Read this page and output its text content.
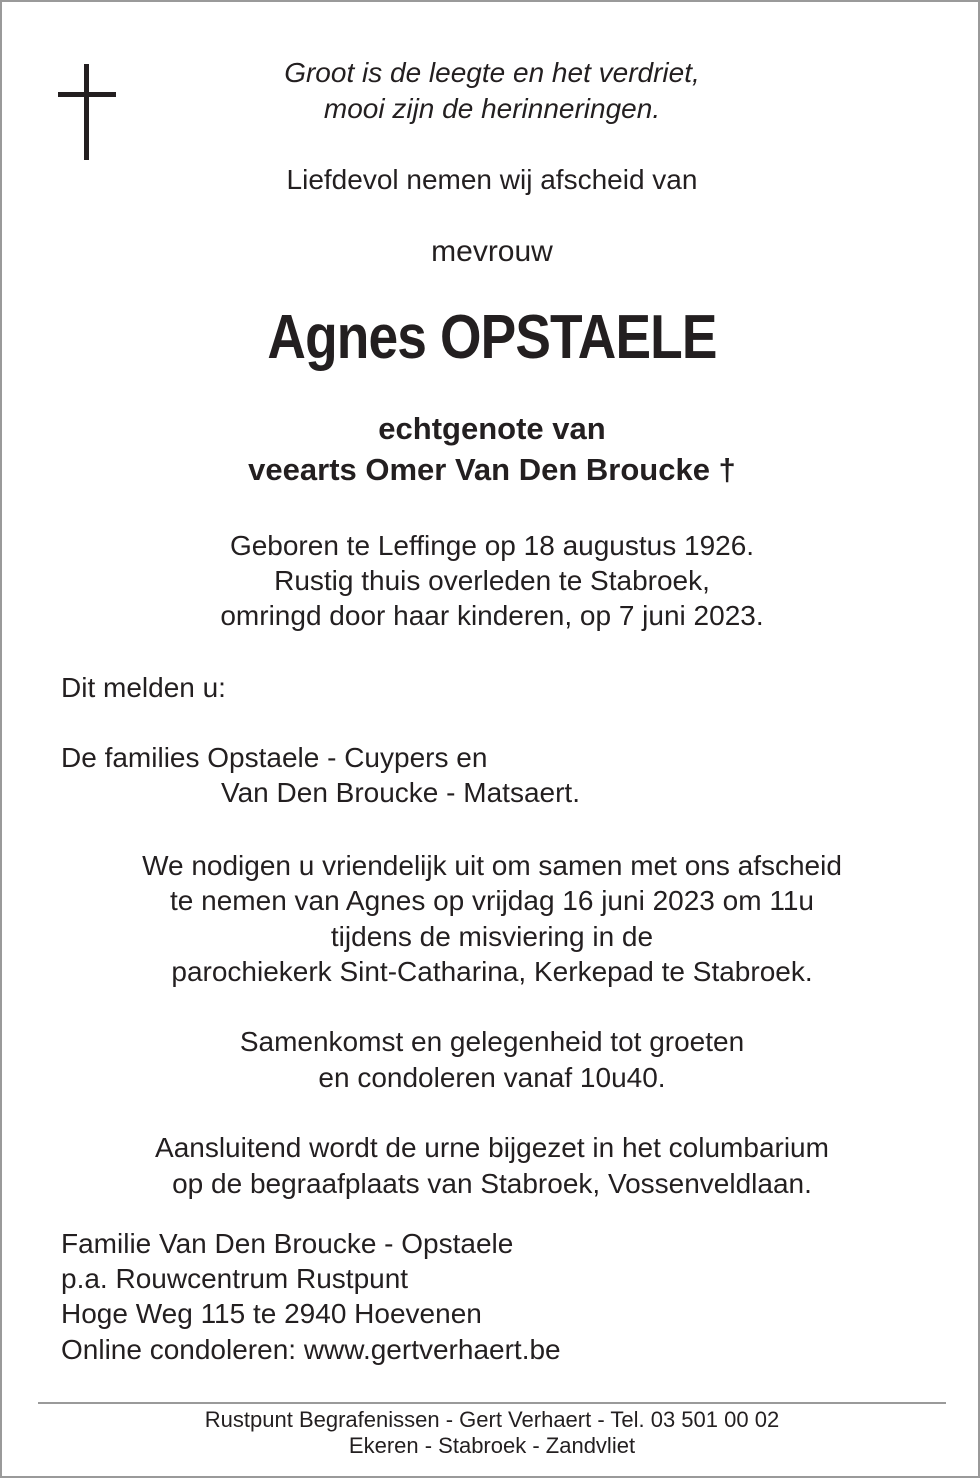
Groot is de leegte en het verdriet,
mooi zijn de herinneringen.
Liefdevol nemen wij afscheid van
mevrouw
Agnes OPSTAELE
echtgenote van
veearts Omer Van Den Broucke †
Geboren te Leffinge op 18 augustus 1926.
Rustig thuis overleden te Stabroek,
omringd door haar kinderen, op 7 juni 2023.
Dit melden u:
De families Opstaele - Cuypers en
Van Den Broucke - Matsaert.
We nodigen u vriendelijk uit om samen met ons afscheid
te nemen van Agnes op vrijdag 16 juni 2023 om 11u
tijdens de misviering in de
parochiekerk Sint-Catharina, Kerkepad te Stabroek.
Samenkomst en gelegenheid tot groeten
en condoleren vanaf 10u40.
Aansluitend wordt de urne bijgezet in het columbarium
op de begraafplaats van Stabroek, Vossenveldlaan.
Familie Van Den Broucke - Opstaele
p.a. Rouwcentrum Rustpunt
Hoge Weg 115 te 2940 Hoevenen
Online condoleren: www.gertverhaert.be
Rustpunt Begrafenissen - Gert Verhaert - Tel. 03 501 00 02
Ekeren - Stabroek - Zandvliet
